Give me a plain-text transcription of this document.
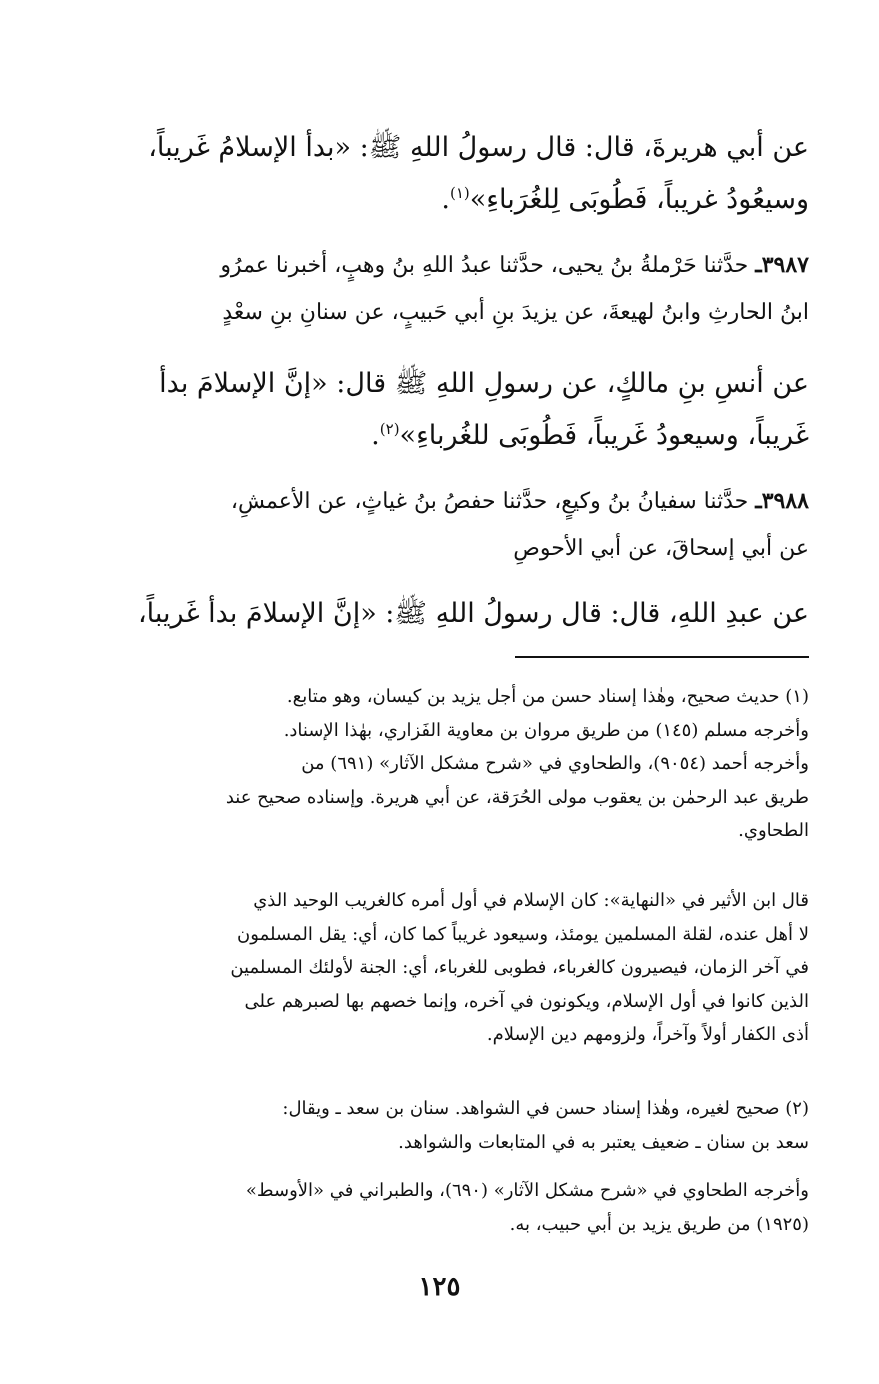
عن أبي هريرةَ، قال: قال رسولُ اللهِ ﷺ: «بدأ الإسلامُ غَريباً،
وسيعُودُ غريباً، فَطُوبَى لِلغُرَباءِ»$^{(١)}$.

٣٩٨٧ـ حدَّثنا حَرْملةُ بنُ يحيى، حدَّثنا عبدُ اللهِ بنُ وهبٍ، أخبرنا عمرُو
ابنُ الحارثِ وابنُ لهيعةَ، عن يزيدَ بنِ أبي حَبيبٍ، عن سنانِ بنِ سعْدٍ

عن أنسِ بنِ مالكٍ، عن رسولِ اللهِ ﷺ قال: «إنَّ الإسلامَ بدأ
غَريباً، وسيعودُ غَريباً، فَطُوبَى للغُرباءِ»$^{(٢)}$.

٣٩٨٨ـ حدَّثنا سفيانُ بنُ وكيعٍ، حدَّثنا حفصُ بنُ غياثٍ، عن الأعمشِ،
عن أبي إسحاقَ، عن أبي الأحوصِ

عن عبدِ اللهِ، قال: قال رسولُ اللهِ ﷺ: «إنَّ الإسلامَ بدأ غَريباً،

(١) حديث صحيح، وهٰذا إسناد حسن من أجل يزيد بن كيسان، وهو متابع.
وأخرجه مسلم (١٤٥) من طريق مروان بن معاوية الفَزاري، بهٰذا الإسناد.
وأخرجه أحمد (٩٠٥٤)، والطحاوي في «شرح مشكل الآثار» (٦٩١) من
طريق عبد الرحمٰن بن يعقوب مولى الحُرَقة، عن أبي هريرة. وإسناده صحيح عند
الطحاوي.

قال ابن الأثير في «النهاية»: كان الإسلام في أول أمره كالغريب الوحيد الذي
لا أهل عنده، لقلة المسلمين يومئذ، وسيعود غريباً كما كان، أي: يقل المسلمون
في آخر الزمان، فيصيرون كالغرباء، فطوبى للغرباء، أي: الجنة لأولئك المسلمين
الذين كانوا في أول الإسلام، ويكونون في آخره، وإنما خصهم بها لصبرهم على
أذى الكفار أولاً وآخراً، ولزومهم دين الإسلام.

(٢) صحيح لغيره، وهٰذا إسناد حسن في الشواهد. سنان بن سعد ـ ويقال:
سعد بن سنان ـ ضعيف يعتبر به في المتابعات والشواهد.

وأخرجه الطحاوي في «شرح مشكل الآثار» (٦٩٠)، والطبراني في «الأوسط»
(١٩٢٥) من طريق يزيد بن أبي حبيب، به.

١٢٥
